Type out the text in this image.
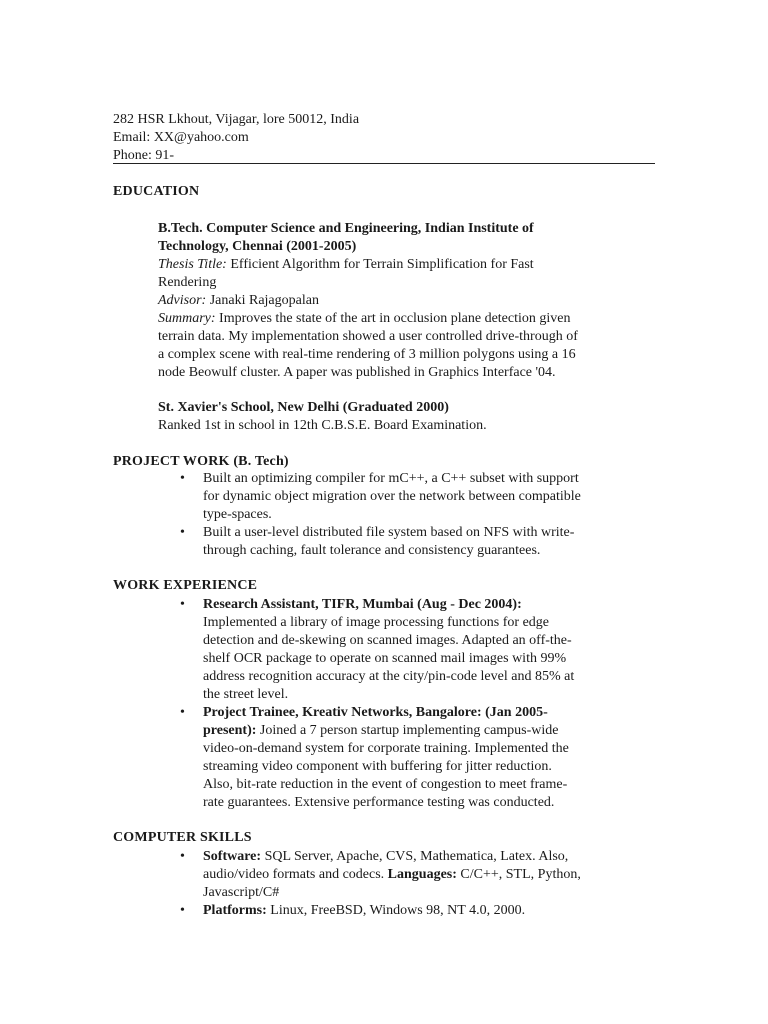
282 HSR Lkhout, Vijagar, lore 50012, India
Email: XX@yahoo.com
Phone: 91-
EDUCATION

B.Tech. Computer Science and Engineering, Indian Institute of

Technology, Chennai (2001-2005)

Thesis Title: Efficient Algorithm for Terrain Simplification for Fast

Rendering

Advisor: Janaki Rajagopalan

Summary: Improves the state of the art in occlusion plane detection given

terrain data. My implementation showed a user controlled drive-through of

a complex scene with real-time rendering of 3 million polygons using a 16

node Beowulf cluster. A paper was published in Graphics Interface '04.

St. Xavier's School, New Delhi (Graduated 2000)

Ranked 1st in school in 12th C.B.S.E. Board Examination.

PROJECT WORK (B. Tech)
• Built an optimizing compiler for mC++, a C++ subset with support
for dynamic object migration over the network between compatible
type-spaces.
• Built a user-level distributed file system based on NFS with write-
through caching, fault tolerance and consistency guarantees.
WORK EXPERIENCE
• Research Assistant, TIFR, Mumbai (Aug - Dec 2004):
Implemented a library of image processing functions for edge
detection and de-skewing on scanned images. Adapted an off-the-
shelf OCR package to operate on scanned mail images with 99%
address recognition accuracy at the city/pin-code level and 85% at
the street level.
• Project Trainee, Kreativ Networks, Bangalore: (Jan 2005-
present): Joined a 7 person startup implementing campus-wide
video-on-demand system for corporate training. Implemented the
streaming video component with buffering for jitter reduction.
Also, bit-rate reduction in the event of congestion to meet frame-
rate guarantees. Extensive performance testing was conducted.
COMPUTER SKILLS
• Software: SQL Server, Apache, CVS, Mathematica, Latex. Also,
audio/video formats and codecs. Languages: C/C++, STL, Python,
Javascript/C#
• Platforms: Linux, FreeBSD, Windows 98, NT 4.0, 2000.
